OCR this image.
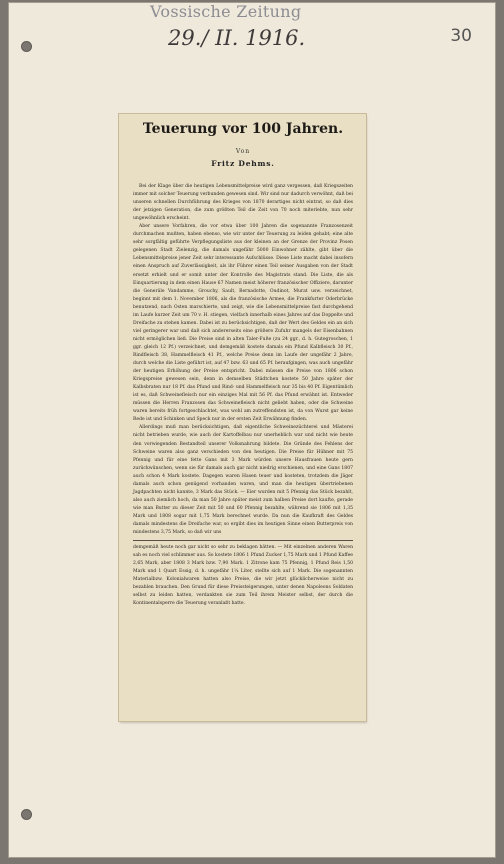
Vossische Zeitung
29./ II. 1916.	30
Teuerung vor 100 Jahren.
Von
Fritz Dehms.

Bei der Klage über die heutigen Lebensmittelpreise wird ganz vergessen, daß Kriegszeiten immer mit solcher Teuerung verbunden gewesen sind. Wir sind nur dadurch verwöhnt, daß bei unseren schnellen Durchführung des Krieges von 1870 derartiges nicht eintrat, so daß dies der jetzigen Generation, die zum größten Teil die Zeit von 70 noch miterlebte, nun sehr ungewöhnlich erscheint.

Aber unsere Vorfahren, die vor etwa über 100 Jahren die sogenannte Franzosenzeit durchmachen mußten, haben ebenso, wie wir unter der Teuerung zu leiden gehabt; eine alte sehr sorgfältig geführte Verpflegungsliste aus der kleinen an der Grenze der Provinz Posen gelegenen Stadt Zielenzig, die damals ungefähr 5000 Einwohner zählte, gibt über die Lebensmittelpreise jener Zeit sehr interessante Aufschlüsse. Diese Liste macht dabei insofern einen Anspruch auf Zuverlässigkeit, als ihr Führer einen Teil seiner Ausgaben von der Stadt ersetzt erhielt und er somit unter der Kontrolle des Magistrats stand. Die Liste, die als Einquartierung in dem einen Hause 67 Namen meist höherer französischer Offiziere, darunter die Generäle Vandamme, Grouchy, Sault, Bernadotte, Oudinot, Murat usw. verzeichnet, beginnt mit dem 1. November 1806, als die französische Armee, die Frankfurter Oderbrücke benutzend, nach Osten marschierte, und zeigt, wie die Lebensmittelpreise fast durchgehend im Laufe kurzer Zeit um 70 v. H. stiegen, vielfach innerhalb eines Jahres auf das Doppelte und Dreifache zu stehen kamen. Dabei ist zu berücksichtigen, daß der Wert des Geldes ein an sich viel geringerer war und daß sich andererseits eine größere Zufuhr mangels der Eisenbahnen nicht ermöglichen ließ. Die Preise sind in alten Taler-Fuße (zu 24 ggr., d. h. Gutegroschen, 1 ggr. gleich 12 Pf.) verzeichnet, und demgemäß kostete damals ein Pfund Kalbfleisch 30 Pf., Rindfleisch 38, Hammelfleisch 41 Pf., welche Preise denn im Laufe der ungefähr 2 Jahre, durch welche die Liste geführt ist, auf 47 bzw. 63 und 65 Pf. heraufgingen, was auch ungefähr der heutigen Erhöhung der Preise entspricht. Dabei müssen die Preise von 1806 schon Kriegspreise gewesen sein, denn in demselben Städtchen kostete 50 Jahre später der Kalbsbraten nur 18 Pf. das Pfund und Rind- und Hammelfleisch nur 35 bis 40 Pf. Eigentümlich ist es, daß Schweinefleisch nur ein einziges Mal mit 56 Pf. das Pfund erwähnt ist. Entweder müssen die Herren Franzosen das Schweinefleisch nicht geliebt haben, oder die Schweine waren bereits früh fortgeschlachtet, was wohl am zutreffendsten ist, da von Wurst gar keine Rede ist und Schinken und Speck nur in der ersten Zeit Erwähnung finden.

Allerdings muß man berücksichtigen, daß eigentliche Schweinezüchterei und Mästerei nicht betrieben wurde, wie auch der Kartoffelbau nur unerheblich war und nicht wie heute den vorwiegenden Bestandteil unserer Volksnahrung bildete. Die Gründe des Fehlens der Schweine waren also ganz verschieden von den heutigen. Die Preise für Hühner mit 75 Pfennig und für eine fette Gans mit 3 Mark würden unsere Hausfrauen heute gern zurückwünschen, wenn sie für damals auch gar nicht niedrig erschienen, und eine Gans 1807 auch schon 4 Mark kostete. Dagegen waren Hasen teuer und kosteten, trotzdem die Jäger damals auch schon genügend vorhanden waren, und man die heutigen übertriebenen Jagdpachten nicht kannte, 3 Mark das Stück. — Eier wurden mit 5 Pfennig das Stück bezahlt, also auch ziemlich hoch, da man 50 Jahre später meist zum halben Preise dort kaufte, gerade wie man Butter zu dieser Zeit mit 50 und 60 Pfennig bezahlte, während sie 1806 mit 1,35 Mark und 1808 sogar mit 1,75 Mark berechnet wurde. Da nun die Kaufkraft des Geldes damals mindestens die Dreifache war, so ergibt dies im heutigen Sinne einen Butterpreis von mindestens 3,75 Mark, so daß wir uns

demgemäß heute noch gar nicht so sehr zu beklagen hätten. — Mit einzelnen anderen Waren sah es noch viel schlimmer aus. So kostete 1806 1 Pfund Zucker 1,75 Mark und 1 Pfund Kaffee 2,65 Mark, aber 1808 3 Mark bzw. 7,90 Mark. 1 Zitrone kam 75 Pfennig, 1 Pfund Reis 1,50 Mark und 1 Quart Essig, d. h. ungefähr 1¼ Liter, stellte sich auf 1 Mark. Die sogenannten Materialbzw. Kolonialwaren hatten also Preise, die wir jetzt glücklicherweise nicht zu bezahlen brauchen. Den Grund für diese Preissteigerungen, unter denen Napoleons Soldaten selbst zu leiden hatten, verdankten sie zum Teil ihrem Meister selbst, der durch die Kontinentalsperre die Teuerung veranlaßt hatte.
